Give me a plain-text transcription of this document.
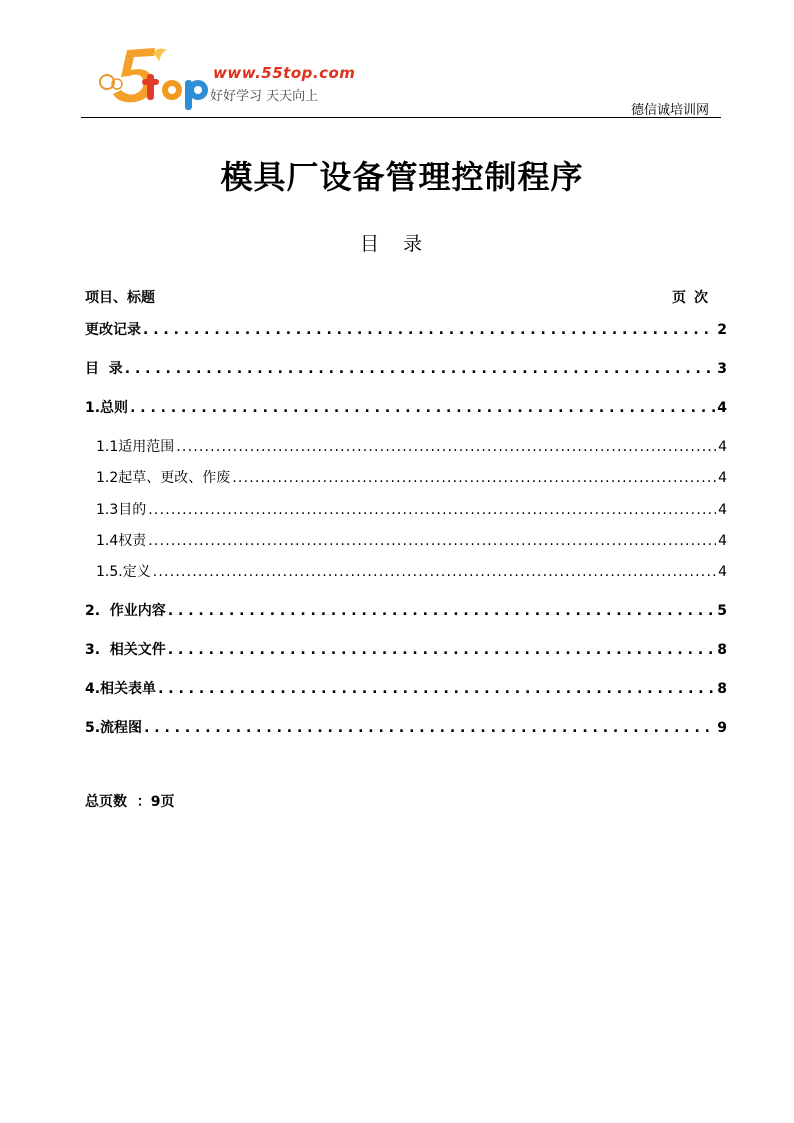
www.55top.com
好好学习 天天向上
德信诚培训网
模具厂设备管理控制程序
目录
项目、标题	页次
更改记录 . . .	2
目  录 . . .	3
1.总则 . . .	4
1.1适用范围 .....	4
1.2起草、更改、作废 .....	4
1.3目的 .....	4
1.4权责 .....	4
1.5.定义 .....	4
2.  作业内容 . . .	5
3.  相关文件 . . .	8
4.相关表单 . . .	8
5.流程图 . . .	9
总页数  ：9页
